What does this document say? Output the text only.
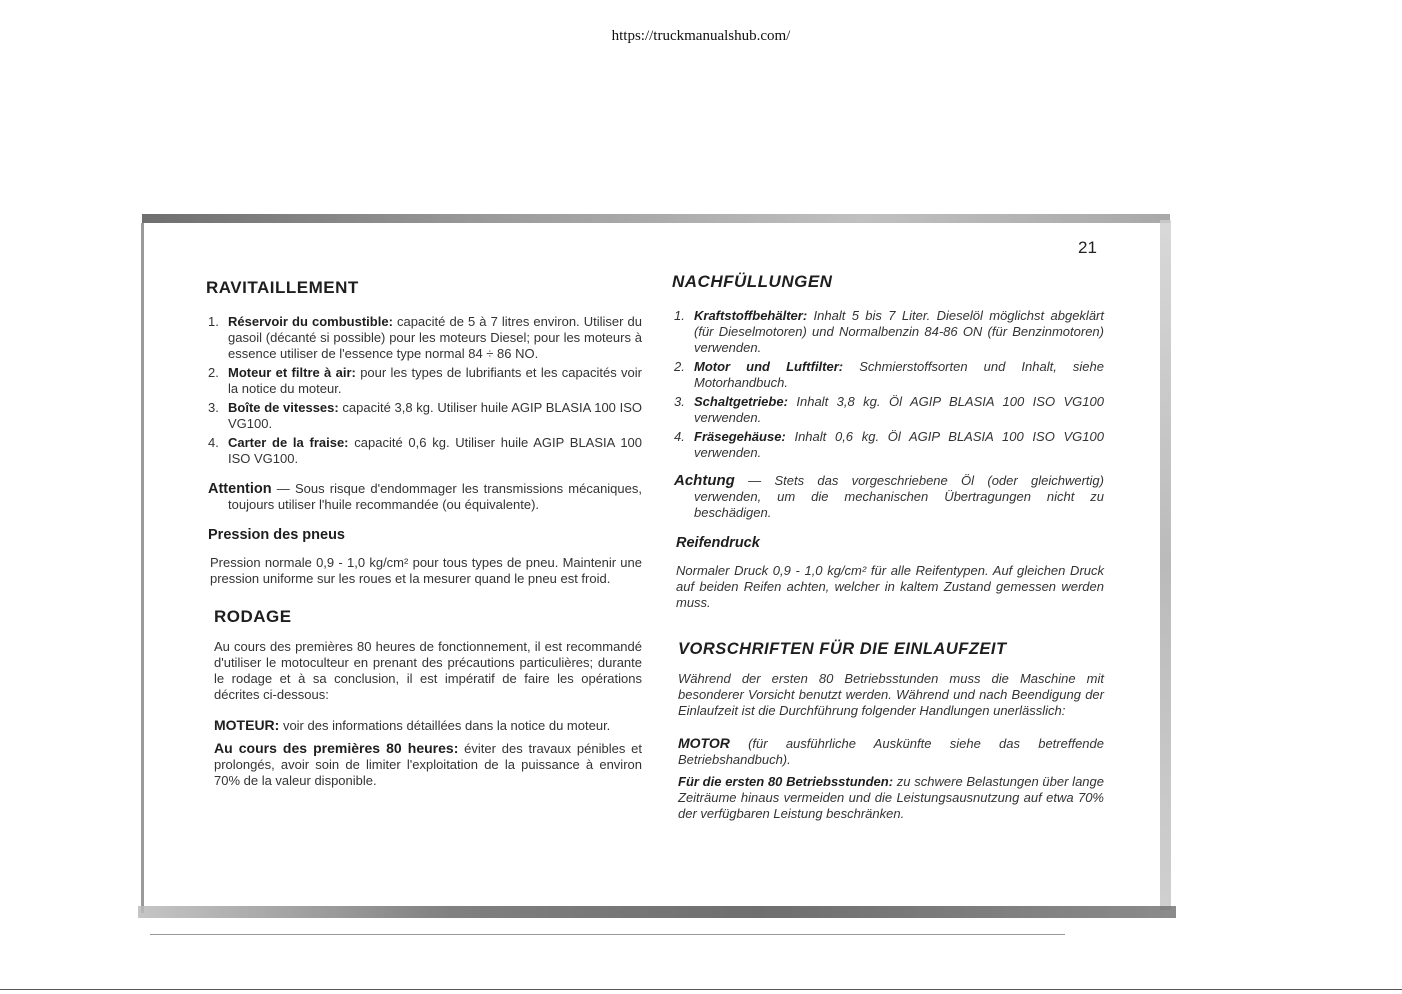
https://truckmanualshub.com/
21
RAVITAILLEMENT
1. Réservoir du combustible: capacité de 5 à 7 litres environ. Utiliser du gasoil (décanté si possible) pour les moteurs Diesel; pour les moteurs à essence utiliser de l'essence type normal 84 ÷ 86 NO.
2. Moteur et filtre à air: pour les types de lubrifiants et les capacités voir la notice du moteur.
3. Boîte de vitesses: capacité 3,8 kg. Utiliser huile AGIP BLASIA 100 ISO VG100.
4. Carter de la fraise: capacité 0,6 kg. Utiliser huile AGIP BLASIA 100 ISO VG100.

Attention — Sous risque d'endommager les transmissions mécaniques, toujours utiliser l'huile recommandée (ou équivalente).

Pression des pneus

Pression normale 0,9 - 1,0 kg/cm² pour tous types de pneu. Maintenir une pression uniforme sur les roues et la mesurer quand le pneu est froid.

RODAGE

Au cours des premières 80 heures de fonctionnement, il est recommandé d'utiliser le motoculteur en prenant des précautions particulières; durante le rodage et à sa conclusion, il est impératif de faire les opérations décrites ci-dessous:

MOTEUR: voir des informations détaillées dans la notice du moteur.

Au cours des premières 80 heures: éviter des travaux pénibles et prolongés, avoir soin de limiter l'exploitation de la puissance à environ 70% de la valeur disponible.

NACHFÜLLUNGEN
1. Kraftstoffbehälter: Inhalt 5 bis 7 Liter. Dieselöl möglichst abgeklärt (für Dieselmotoren) und Normalbenzin 84-86 ON (für Benzinmotoren) verwenden.
2. Motor und Luftfilter: Schmierstoffsorten und Inhalt, siehe Motorhandbuch.
3. Schaltgetriebe: Inhalt 3,8 kg. Öl AGIP BLASIA 100 ISO VG100 verwenden.
4. Fräsegehäuse: Inhalt 0,6 kg. Öl AGIP BLASIA 100 ISO VG100 verwenden.

Achtung — Stets das vorgeschriebene Öl (oder gleichwertig) verwenden, um die mechanischen Übertragungen nicht zu beschädigen.

Reifendruck

Normaler Druck 0,9 - 1,0 kg/cm² für alle Reifentypen. Auf gleichen Druck auf beiden Reifen achten, welcher in kaltem Zustand gemessen werden muss.

VORSCHRIFTEN FÜR DIE EINLAUFZEIT

Während der ersten 80 Betriebsstunden muss die Maschine mit besonderer Vorsicht benutzt werden. Während und nach Beendigung der Einlaufzeit ist die Durchführung folgender Handlungen unerlässlich:

MOTOR (für ausführliche Auskünfte siehe das betreffende Betriebshandbuch).

Für die ersten 80 Betriebsstunden: zu schwere Belastungen über lange Zeiträume hinaus vermeiden und die Leistungsausnutzung auf etwa 70% der verfügbaren Leistung beschränken.
